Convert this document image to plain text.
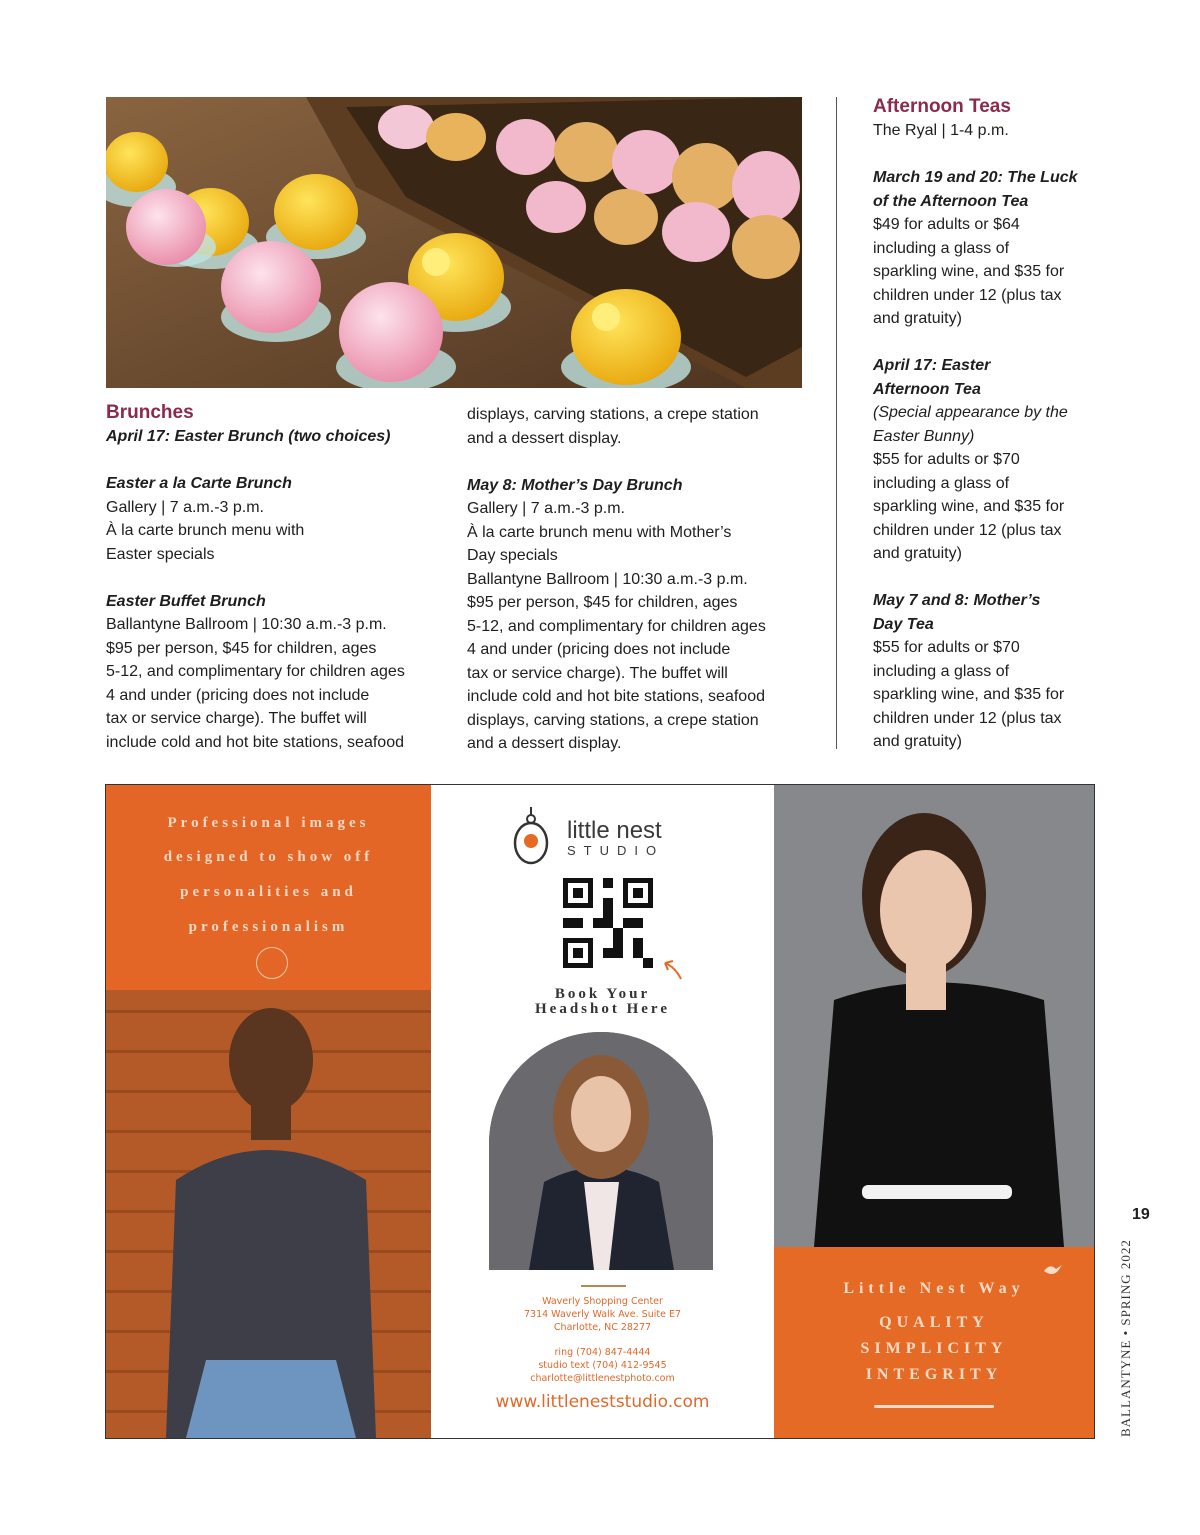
Brunches
April 17: Easter Brunch (two choices)
Easter a la Carte Brunch
Gallery | 7 a.m.-3 p.m.
À la carte brunch menu with
Easter specials
Easter Buffet Brunch
Ballantyne Ballroom | 10:30 a.m.-3 p.m.
$95 per person, $45 for children, ages
5-12, and complimentary for children ages
4 and under (pricing does not include
tax or service charge). The buffet will
include cold and hot bite stations, seafood
displays, carving stations, a crepe station
and a dessert display.
May 8: Mother’s Day Brunch
Gallery | 7 a.m.-3 p.m.
À la carte brunch menu with Mother’s
Day specials
Ballantyne Ballroom | 10:30 a.m.-3 p.m.
$95 per person, $45 for children, ages
5-12, and complimentary for children ages
4 and under (pricing does not include
tax or service charge). The buffet will
include cold and hot bite stations, seafood
displays, carving stations, a crepe station
and a dessert display.
Afternoon Teas
The Ryal | 1-4 p.m.
March 19 and 20: The Luck
of the Afternoon Tea
$49 for adults or $64
including a glass of
sparkling wine, and $35 for
children under 12 (plus tax
and gratuity)
April 17: Easter
Afternoon Tea
(Special appearance by the
Easter Bunny)
$55 for adults or $70
including a glass of
sparkling wine, and $35 for
children under 12 (plus tax
and gratuity)
May 7 and 8: Mother’s
Day Tea
$55 for adults or $70
including a glass of
sparkling wine, and $35 for
children under 12 (plus tax
and gratuity)
Professional images
designed to show off
personalities and
professionalism
little nest
STUDIO
Book Your
Headshot Here
Waverly Shopping Center
7314 Waverly Walk Ave. Suite E7
Charlotte, NC 28277
ring (704) 847-4444
studio text (704) 412-9545
charlotte@littlenestphoto.com
www.littleneststudio.com
Little Nest Way
QUALITY
SIMPLICITY
INTEGRITY
19
BALLANTYNE • SPRING 2022
